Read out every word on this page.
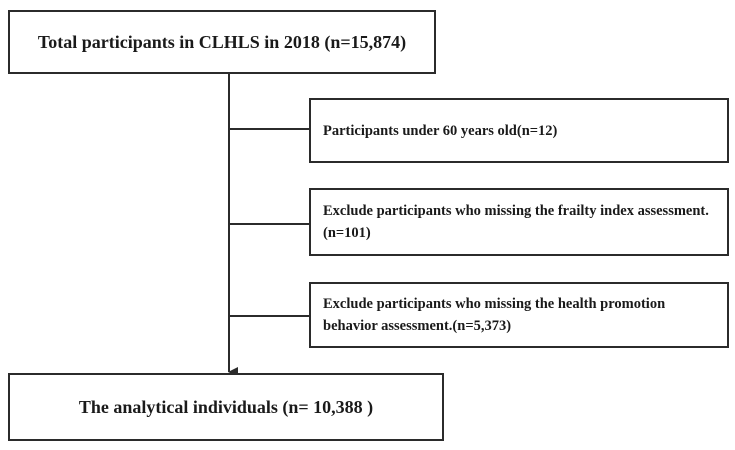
Total participants in CLHLS in 2018 (n=15,874)
Participants under 60 years old(n=12)
Exclude participants who missing the frailty index assessment.(n=101)
Exclude participants who missing the health promotion behavior assessment.(n=5,373)
The analytical individuals (n= 10,388 )
